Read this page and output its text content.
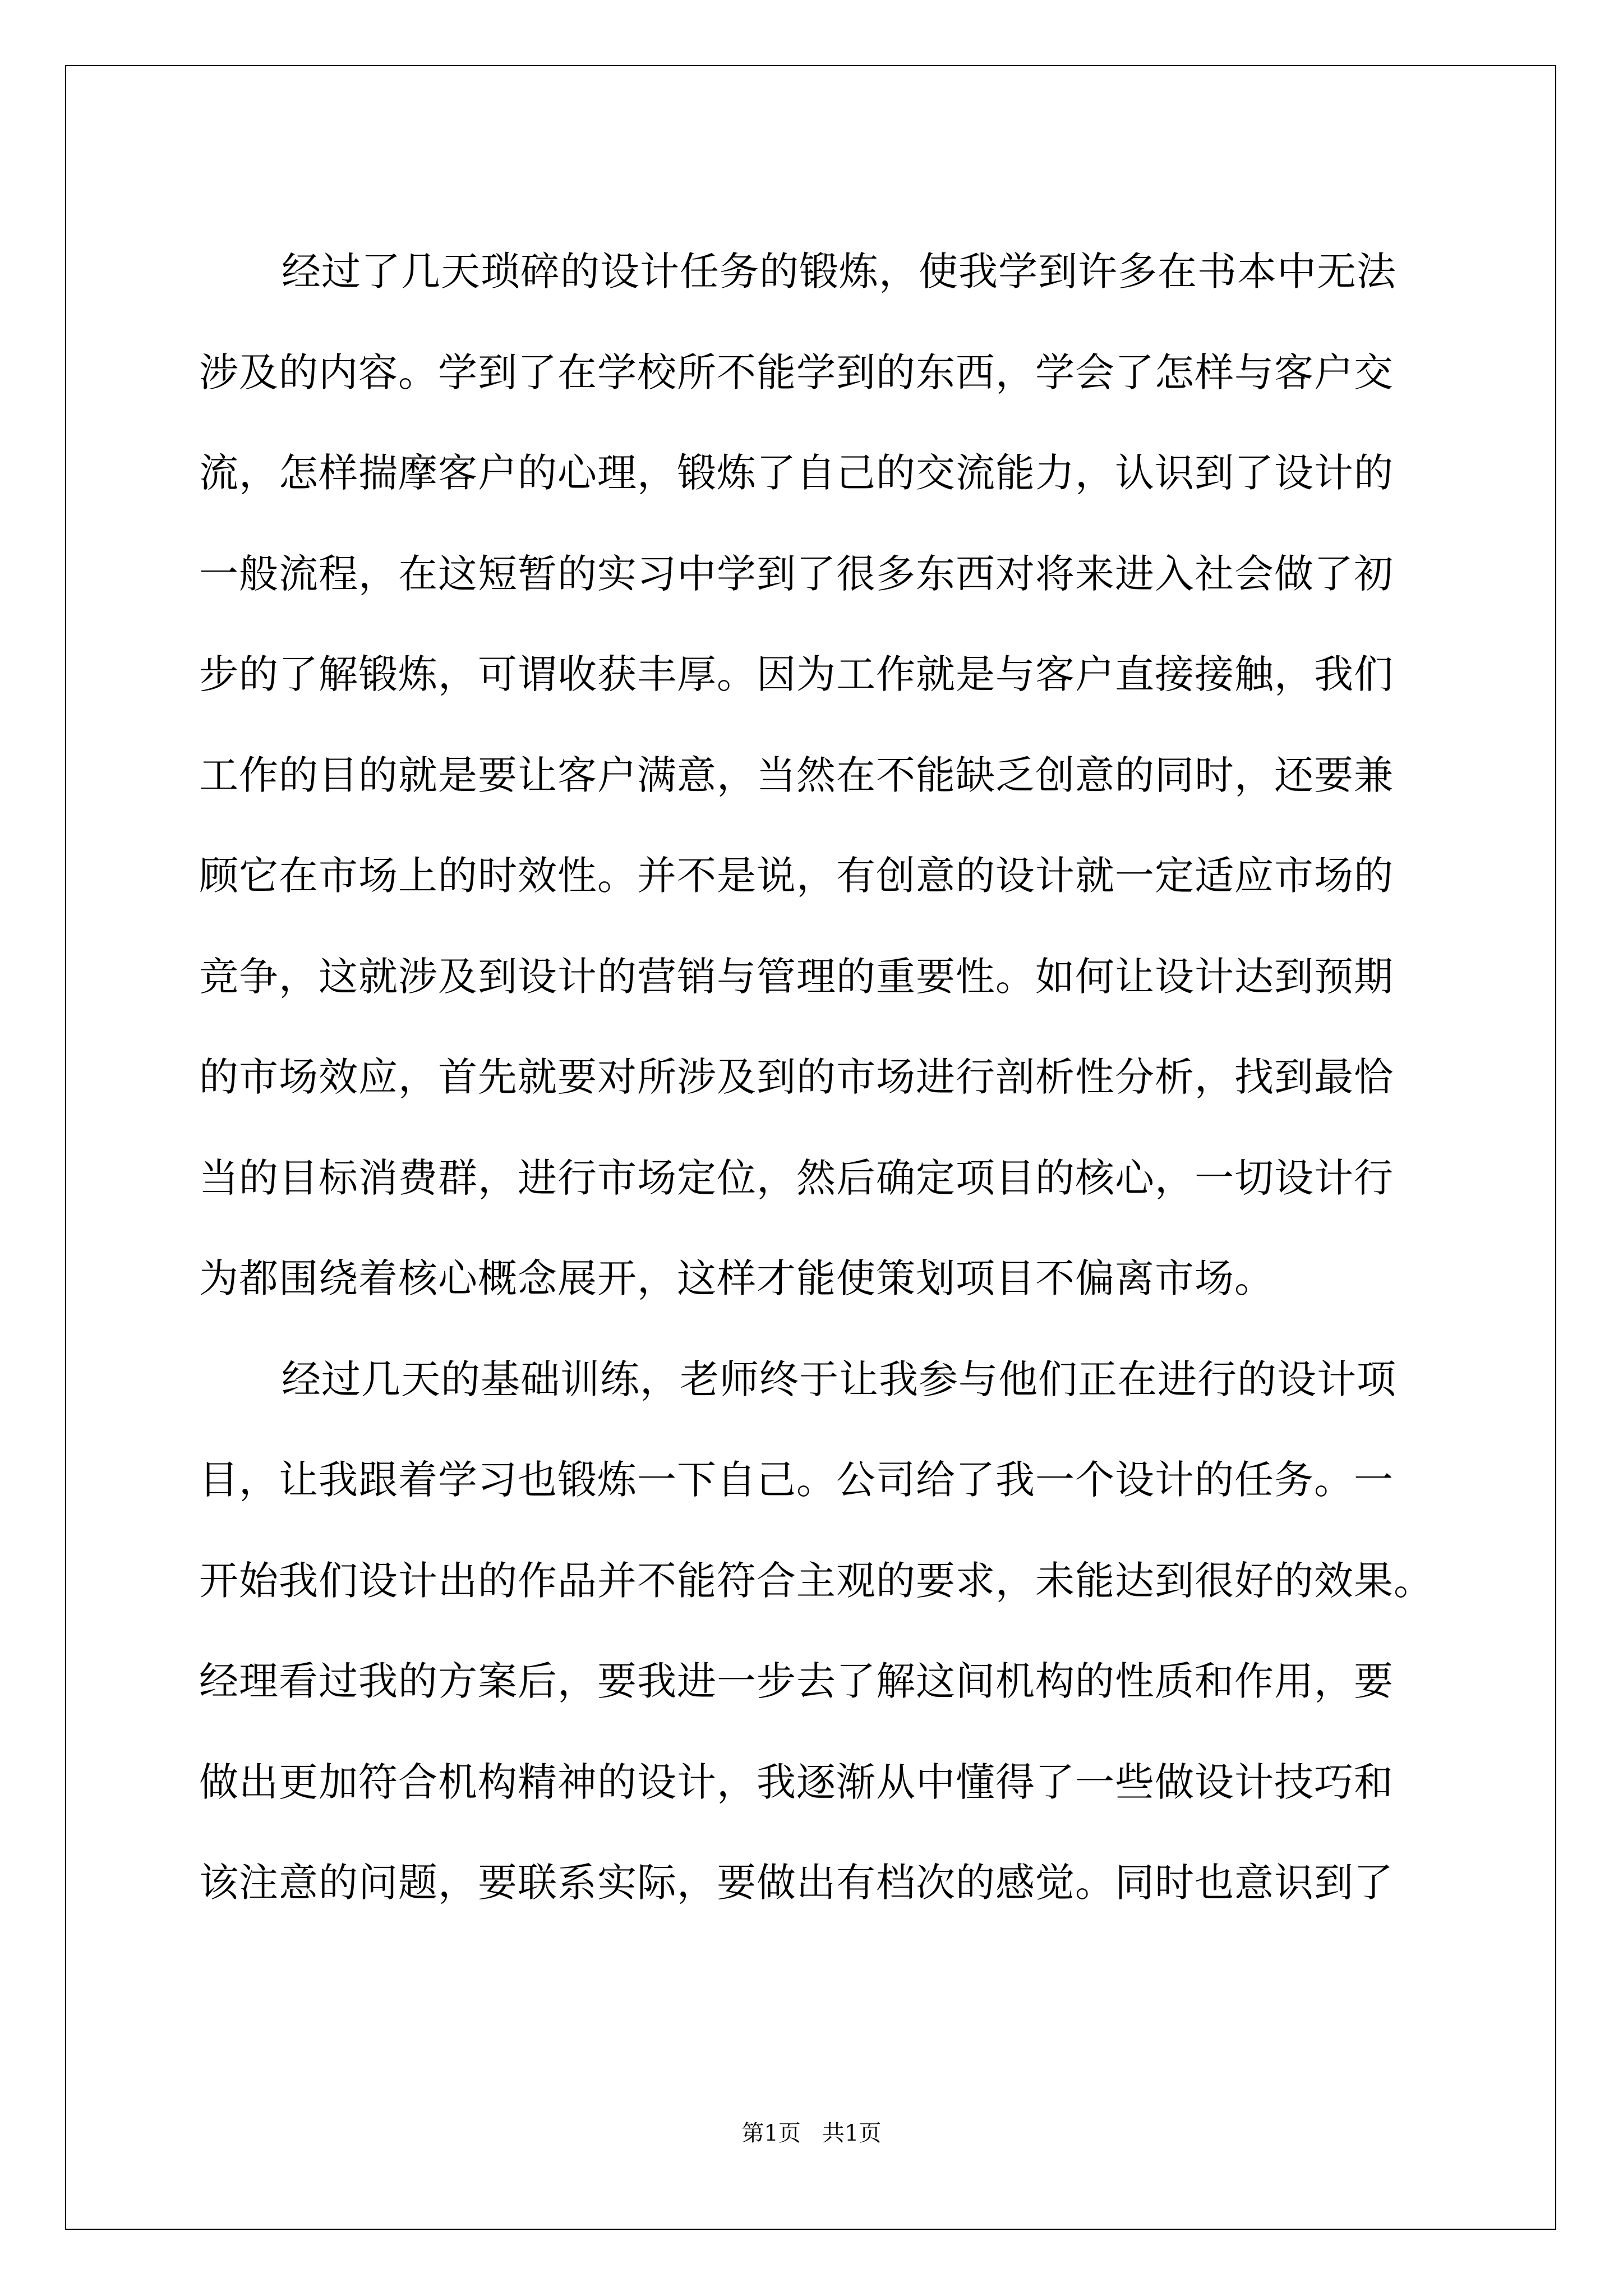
经过了几天琐碎的设计任务的锻炼，使我学到许多在书本中无法
涉及的内容。学到了在学校所不能学到的东西，学会了怎样与客户交
流，怎样揣摩客户的心理，锻炼了自己的交流能力，认识到了设计的
一般流程，在这短暂的实习中学到了很多东西对将来进入社会做了初
步的了解锻炼，可谓收获丰厚。因为工作就是与客户直接接触，我们
工作的目的就是要让客户满意，当然在不能缺乏创意的同时，还要兼
顾它在市场上的时效性。并不是说，有创意的设计就一定适应市场的
竞争，这就涉及到设计的营销与管理的重要性。如何让设计达到预期
的市场效应，首先就要对所涉及到的市场进行剖析性分析，找到最恰
当的目标消费群，进行市场定位，然后确定项目的核心，一切设计行
为都围绕着核心概念展开，这样才能使策划项目不偏离市场。
经过几天的基础训练，老师终于让我参与他们正在进行的设计项
目，让我跟着学习也锻炼一下自己。公司给了我一个设计的任务。一
开始我们设计出的作品并不能符合主观的要求，未能达到很好的效果。
经理看过我的方案后，要我进一步去了解这间机构的性质和作用，要
做出更加符合机构精神的设计，我逐渐从中懂得了一些做设计技巧和
该注意的问题，要联系实际，要做出有档次的感觉。同时也意识到了
第1页   共1页
